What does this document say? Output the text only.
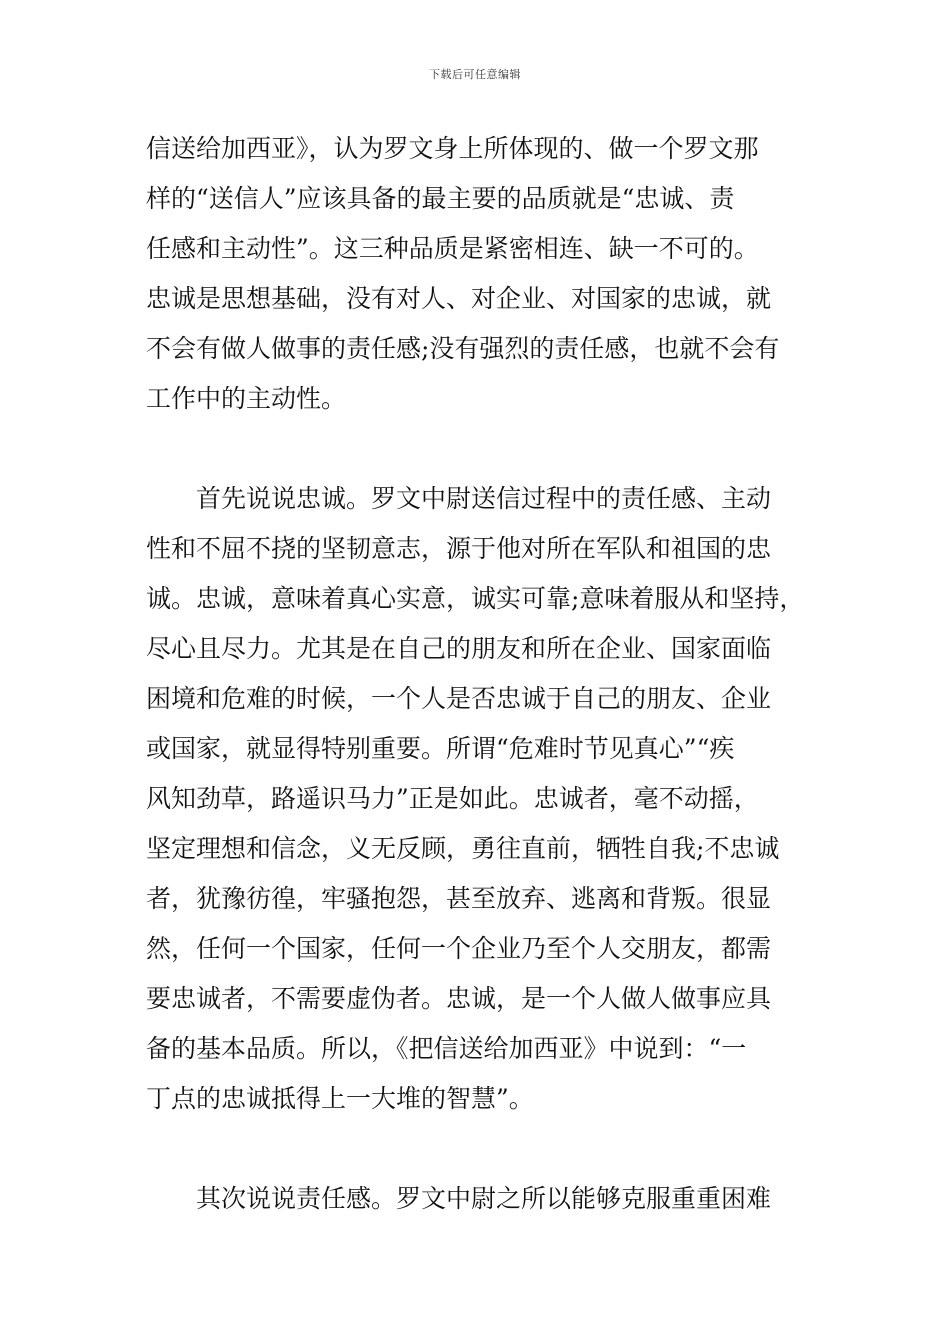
下载后可任意编辑
信送给加西亚》，认为罗文身上所体现的、做一个罗文那
样的“送信人”应该具备的最主要的品质就是“忠诚、责
任感和主动性”。这三种品质是紧密相连、缺一不可的。
忠诚是思想基础，没有对人、对企业、对国家的忠诚，就
不会有做人做事的责任感;没有强烈的责任感，也就不会有
工作中的主动性。
首先说说忠诚。罗文中尉送信过程中的责任感、主动
性和不屈不挠的坚韧意志，源于他对所在军队和祖国的忠
诚。忠诚，意味着真心实意，诚实可靠;意味着服从和坚持，
尽心且尽力。尤其是在自己的朋友和所在企业、国家面临
困境和危难的时候，一个人是否忠诚于自己的朋友、企业
或国家，就显得特别重要。所谓“危难时节见真心”“疾
风知劲草，路遥识马力”正是如此。忠诚者，毫不动摇，
坚定理想和信念，义无反顾，勇往直前，牺牲自我;不忠诚
者，犹豫彷徨，牢骚抱怨，甚至放弃、逃离和背叛。很显
然，任何一个国家，任何一个企业乃至个人交朋友，都需
要忠诚者，不需要虚伪者。忠诚，是一个人做人做事应具
备的基本品质。所以，《把信送给加西亚》中说到：“一
丁点的忠诚抵得上一大堆的智慧”。
其次说说责任感。罗文中尉之所以能够克服重重困难
